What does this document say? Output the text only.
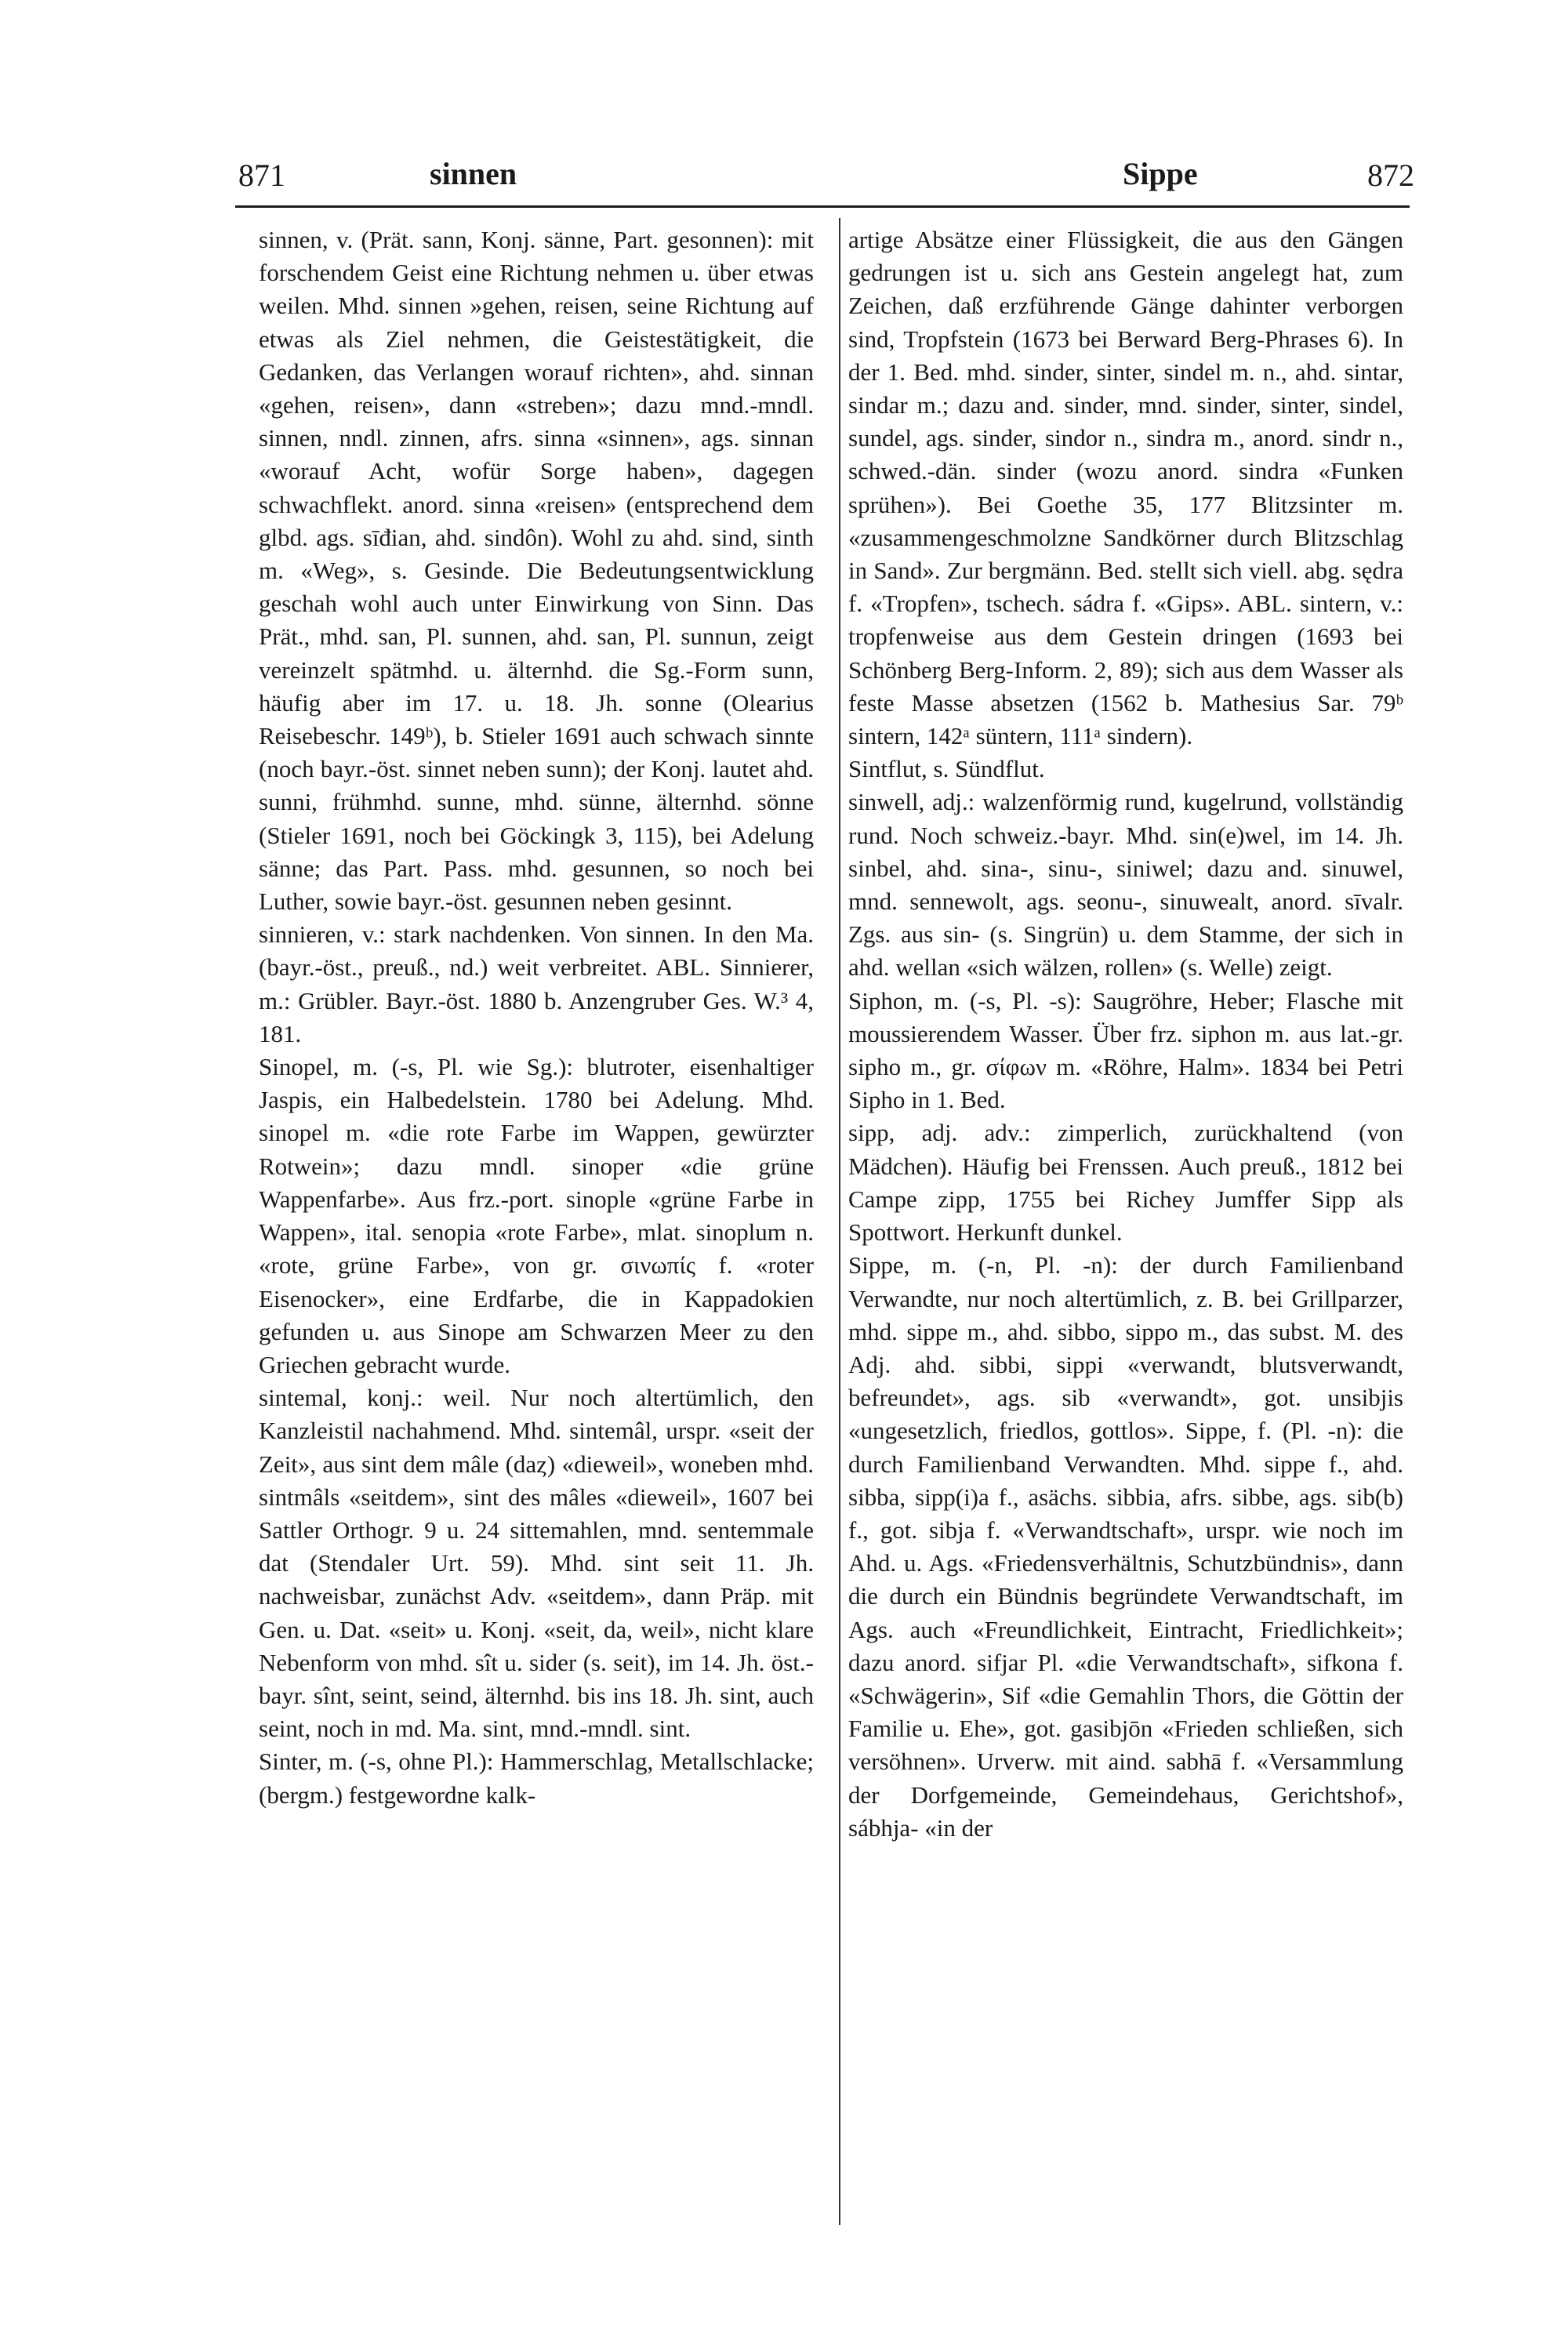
871	sinnen	Sippe	872

sinnen, v. (Prät. sann, Konj. sänne, Part. gesonnen): mit forschendem Geist eine Richtung nehmen u. über etwas weilen. Mhd. sinnen »gehen, reisen, seine Richtung auf etwas als Ziel nehmen, die Geistestätigkeit, die Gedanken, das Verlangen worauf richten», ahd. sinnan «gehen, reisen», dann «streben»; dazu mnd.-mndl. sinnen, nndl. zinnen, afrs. sinna «sinnen», ags. sinnan «worauf Acht, wofür Sorge haben», dagegen schwachflekt. anord. sinna «reisen» (entsprechend dem glbd. ags. sīđian, ahd. sindôn). Wohl zu ahd. sind, sinth m. «Weg», s. Gesinde. Die Bedeutungsentwicklung geschah wohl auch unter Einwirkung von Sinn. Das Prät., mhd. san, Pl. sunnen, ahd. san, Pl. sunnun, zeigt vereinzelt spätmhd. u. älternhd. die Sg.-Form sunn, häufig aber im 17. u. 18. Jh. sonne (Olearius Reisebeschr. 149ᵇ), b. Stieler 1691 auch schwach sinnte (noch bayr.-öst. sinnet neben sunn); der Konj. lautet ahd. sunni, frühmhd. sunne, mhd. sünne, älternhd. sönne (Stieler 1691, noch bei Göckingk 3, 115), bei Adelung sänne; das Part. Pass. mhd. gesunnen, so noch bei Luther, sowie bayr.-öst. gesunnen neben gesinnt.

sinnieren, v.: stark nachdenken. Von sinnen. In den Ma. (bayr.-öst., preuß., nd.) weit verbreitet. ABL. Sinnierer, m.: Grübler. Bayr.-öst. 1880 b. Anzengruber Ges. W.³ 4, 181.

Sinopel, m. (-s, Pl. wie Sg.): blutroter, eisenhaltiger Jaspis, ein Halbedelstein. 1780 bei Adelung. Mhd. sinopel m. «die rote Farbe im Wappen, gewürzter Rotwein»; dazu mndl. sinoper «die grüne Wappenfarbe». Aus frz.-port. sinople «grüne Farbe in Wappen», ital. senopia «rote Farbe», mlat. sinoplum n. «rote, grüne Farbe», von gr. σινωπίς f. «roter Eisenocker», eine Erdfarbe, die in Kappadokien gefunden u. aus Sinope am Schwarzen Meer zu den Griechen gebracht wurde.

sintemal, konj.: weil. Nur noch altertümlich, den Kanzleistil nachahmend. Mhd. sintemâl, urspr. «seit der Zeit», aus sint dem mâle (daȥ) «dieweil», woneben mhd. sintmâls «seitdem», sint des mâles «dieweil», 1607 bei Sattler Orthogr. 9 u. 24 sittemahlen, mnd. sentemmale dat (Stendaler Urt. 59). Mhd. sint seit 11. Jh. nachweisbar, zunächst Adv. «seitdem», dann Präp. mit Gen. u. Dat. «seit» u. Konj. «seit, da, weil», nicht klare Nebenform von mhd. sît u. sider (s. seit), im 14. Jh. öst.-bayr. sînt, seint, seind, älternhd. bis ins 18. Jh. sint, auch seint, noch in md. Ma. sint, mnd.-mndl. sint.

Sinter, m. (-s, ohne Pl.): Hammerschlag, Metallschlacke; (bergm.) festgewordne kalk-

artige Absätze einer Flüssigkeit, die aus den Gängen gedrungen ist u. sich ans Gestein angelegt hat, zum Zeichen, daß erzführende Gänge dahinter verborgen sind, Tropfstein (1673 bei Berward Berg-Phrases 6). In der 1. Bed. mhd. sinder, sinter, sindel m. n., ahd. sintar, sindar m.; dazu and. sinder, mnd. sinder, sinter, sindel, sundel, ags. sinder, sindor n., sindra m., anord. sindr n., schwed.-dän. sinder (wozu anord. sindra «Funken sprühen»). Bei Goethe 35, 177 Blitzsinter m. «zusammengeschmolzne Sandkörner durch Blitzschlag in Sand». Zur bergmänn. Bed. stellt sich viell. abg. sędra f. «Tropfen», tschech. sádra f. «Gips». ABL. sintern, v.: tropfenweise aus dem Gestein dringen (1693 bei Schönberg Berg-Inform. 2, 89); sich aus dem Wasser als feste Masse absetzen (1562 b. Mathesius Sar. 79ᵇ sintern, 142ᵃ süntern, 111ᵃ sindern).

Sintflut, s. Sündflut.

sinwell, adj.: walzenförmig rund, kugelrund, vollständig rund. Noch schweiz.-bayr. Mhd. sin(e)wel, im 14. Jh. sinbel, ahd. sina-, sinu-, siniwel; dazu and. sinuwel, mnd. sennewolt, ags. seonu-, sinuwealt, anord. sīvalr. Zgs. aus sin- (s. Singrün) u. dem Stamme, der sich in ahd. wellan «sich wälzen, rollen» (s. Welle) zeigt.

Siphon, m. (-s, Pl. -s): Saugröhre, Heber; Flasche mit moussierendem Wasser. Über frz. siphon m. aus lat.-gr. sipho m., gr. σίφων m. «Röhre, Halm». 1834 bei Petri Sipho in 1. Bed.

sipp, adj. adv.: zimperlich, zurückhaltend (von Mädchen). Häufig bei Frenssen. Auch preuß., 1812 bei Campe zipp, 1755 bei Richey Jumffer Sipp als Spottwort. Herkunft dunkel.

Sippe, m. (-n, Pl. -n): der durch Familienband Verwandte, nur noch altertümlich, z. B. bei Grillparzer, mhd. sippe m., ahd. sibbo, sippo m., das subst. M. des Adj. ahd. sibbi, sippi «verwandt, blutsverwandt, befreundet», ags. sib «verwandt», got. unsibjis «ungesetzlich, friedlos, gottlos». Sippe, f. (Pl. -n): die durch Familienband Verwandten. Mhd. sippe f., ahd. sibba, sipp(i)a f., asächs. sibbia, afrs. sibbe, ags. sib(b) f., got. sibja f. «Verwandtschaft», urspr. wie noch im Ahd. u. Ags. «Friedensverhältnis, Schutzbündnis», dann die durch ein Bündnis begründete Verwandtschaft, im Ags. auch «Freundlichkeit, Eintracht, Friedlichkeit»; dazu anord. sifjar Pl. «die Verwandtschaft», sifkona f. «Schwägerin», Sif «die Gemahlin Thors, die Göttin der Familie u. Ehe», got. gasibjōn «Frieden schließen, sich versöhnen». Urverw. mit aind. sabhā f. «Versammlung der Dorfgemeinde, Gemeindehaus, Gerichtshof», sábhja- «in der
